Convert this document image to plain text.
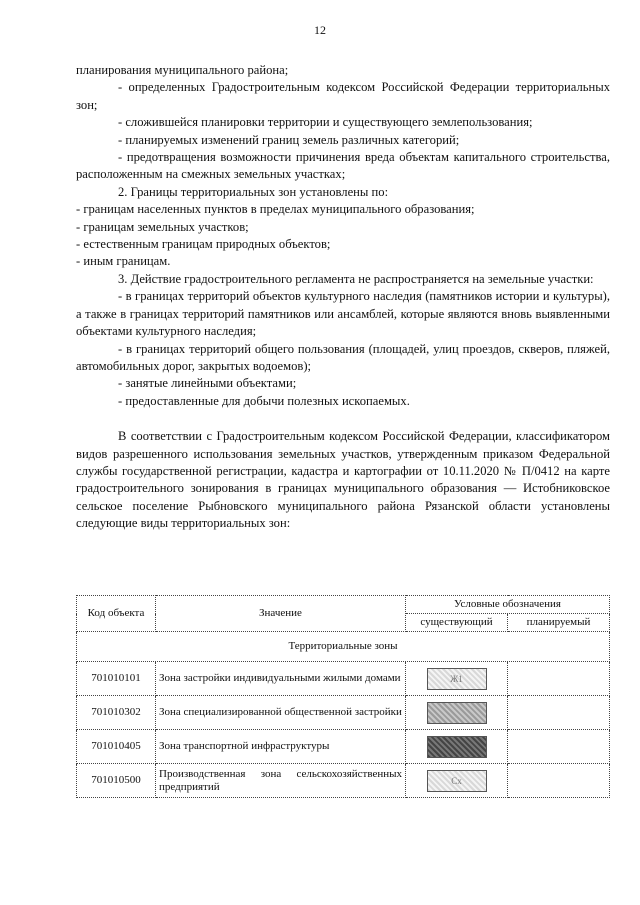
12

планирования муниципального района;

- определенных Градостроительным кодексом Российской Федерации территориальных зон;

- сложившейся планировки территории и существующего землепользования;

- планируемых изменений границ земель различных категорий;

- предотвращения возможности причинения вреда объектам капитального строительства, расположенным на смежных земельных участках;

2. Границы территориальных зон установлены по:

- границам населенных пунктов в пределах муниципального образования;

- границам земельных участков;

- естественным границам природных объектов;

- иным границам.

3. Действие градостроительного регламента не распространяется на земельные участки:

- в границах территорий объектов культурного наследия (памятников истории и культуры), а также в границах территорий памятников или ансамблей, которые являются вновь выявленными объектами культурного наследия;

- в границах территорий общего пользования (площадей, улиц проездов, скверов, пляжей, автомобильных дорог, закрытых водоемов);

- занятые линейными объектами;

- предоставленные для добычи полезных ископаемых.

В соответствии с Градостроительным кодексом Российской Федерации, классификатором видов разрешенного использования земельных участков, утвержденным приказом Федеральной службы государственной регистрации, кадастра и картографии от 10.11.2020 № П/0412 на карте градостроительного зонирования в границах муниципального образования — Истобниковское сельское поселение Рыбновского муниципального района Рязанской области установлены следующие виды территориальных зон:

Код объекта	Значение	Условные обозначения	
		существующий	планируемый
Территориальные зоны			
701010101	Зона застройки индивидуальными жилыми домами	Ж1	
701010302	Зона специализированной общественной застройки		
701010405	Зона транспортной инфраструктуры		
701010500	Производственная зона сельскохозяйственных предприятий	Сх	
